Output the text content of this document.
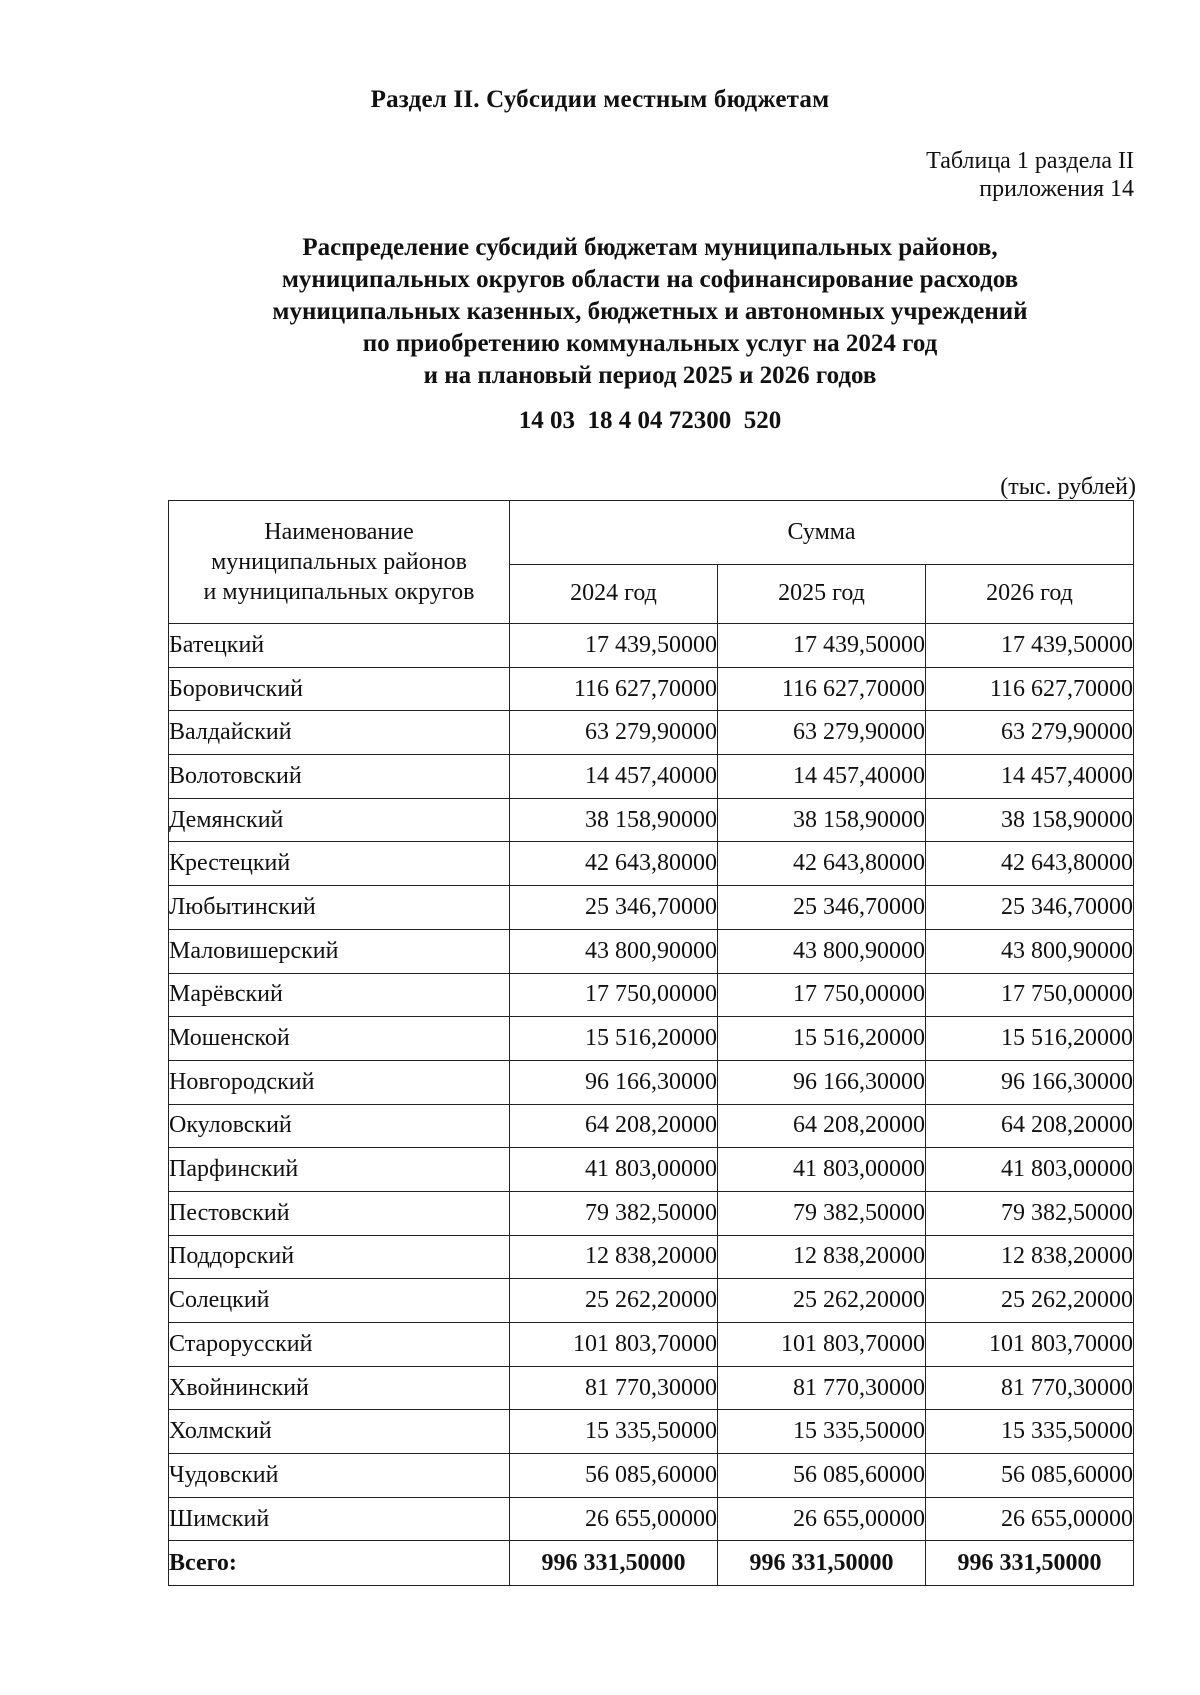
Раздел II. Субсидии местным бюджетам
Таблица 1 раздела II
приложения 14
Распределение субсидий бюджетам муниципальных районов,
муниципальных округов области на софинансирование расходов
муниципальных казенных, бюджетных и автономных учреждений
по приобретению коммунальных услуг на 2024 год
и на плановый период 2025 и 2026 годов
14 03  18 4 04 72300  520
(тыс. рублей)
Наименование
муниципальных районов
и муниципальных округов	Сумма		
	2024 год	2025 год	2026 год
Батецкий	17 439,50000	17 439,50000	17 439,50000
Боровичский	116 627,70000	116 627,70000	116 627,70000
Валдайский	63 279,90000	63 279,90000	63 279,90000
Волотовский	14 457,40000	14 457,40000	14 457,40000
Демянский	38 158,90000	38 158,90000	38 158,90000
Крестецкий	42 643,80000	42 643,80000	42 643,80000
Любытинский	25 346,70000	25 346,70000	25 346,70000
Маловишерский	43 800,90000	43 800,90000	43 800,90000
Марёвский	17 750,00000	17 750,00000	17 750,00000
Мошенской	15 516,20000	15 516,20000	15 516,20000
Новгородский	96 166,30000	96 166,30000	96 166,30000
Окуловский	64 208,20000	64 208,20000	64 208,20000
Парфинский	41 803,00000	41 803,00000	41 803,00000
Пестовский	79 382,50000	79 382,50000	79 382,50000
Поддорский	12 838,20000	12 838,20000	12 838,20000
Солецкий	25 262,20000	25 262,20000	25 262,20000
Старорусский	101 803,70000	101 803,70000	101 803,70000
Хвойнинский	81 770,30000	81 770,30000	81 770,30000
Холмский	15 335,50000	15 335,50000	15 335,50000
Чудовский	56 085,60000	56 085,60000	56 085,60000
Шимский	26 655,00000	26 655,00000	26 655,00000
Всего:	996 331,50000	996 331,50000	996 331,50000
